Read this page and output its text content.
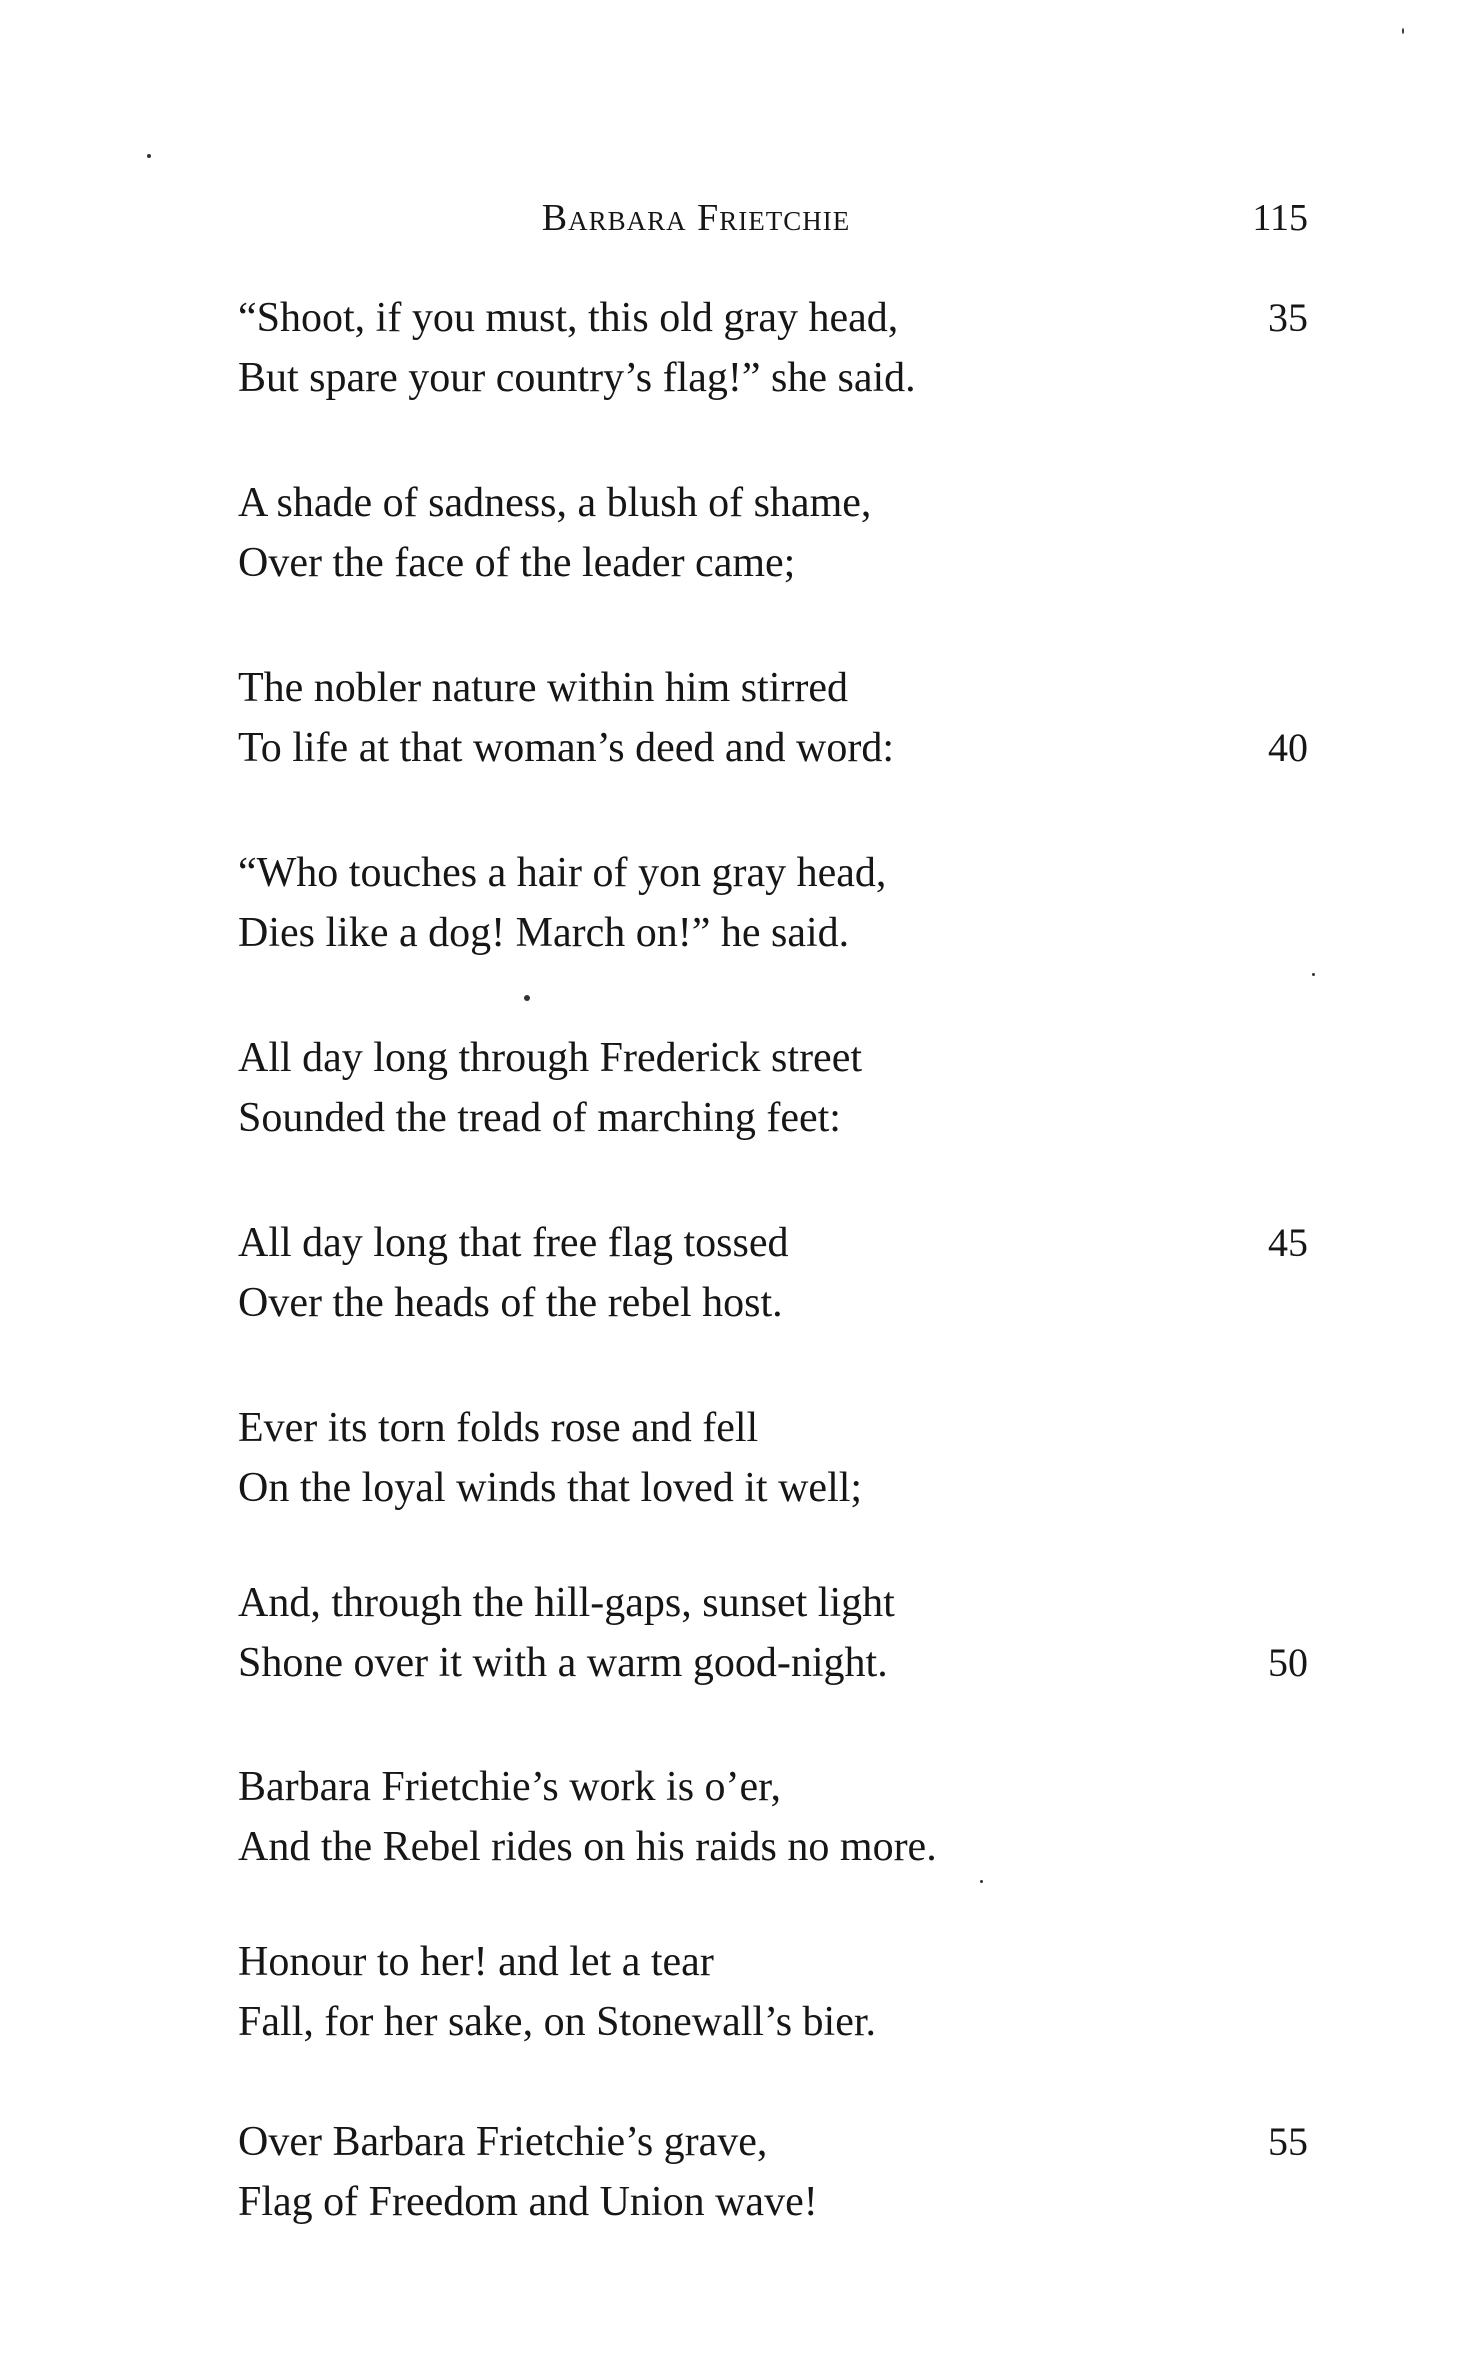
Barbara Frietchie	115
“Shoot, if you must, this old gray head,	35
But spare your country’s flag!” she said.
A shade of sadness, a blush of shame,
Over the face of the leader came;
The nobler nature within him stirred
To life at that woman’s deed and word:	40
“Who touches a hair of yon gray head,
Dies like a dog! March on!” he said.
All day long through Frederick street
Sounded the tread of marching feet:
All day long that free flag tossed	45
Over the heads of the rebel host.
Ever its torn folds rose and fell
On the loyal winds that loved it well;
And, through the hill-gaps, sunset light
Shone over it with a warm good-night.	50
Barbara Frietchie’s work is o’er,
And the Rebel rides on his raids no more.
Honour to her! and let a tear
Fall, for her sake, on Stonewall’s bier.
Over Barbara Frietchie’s grave,	55
Flag of Freedom and Union wave!
